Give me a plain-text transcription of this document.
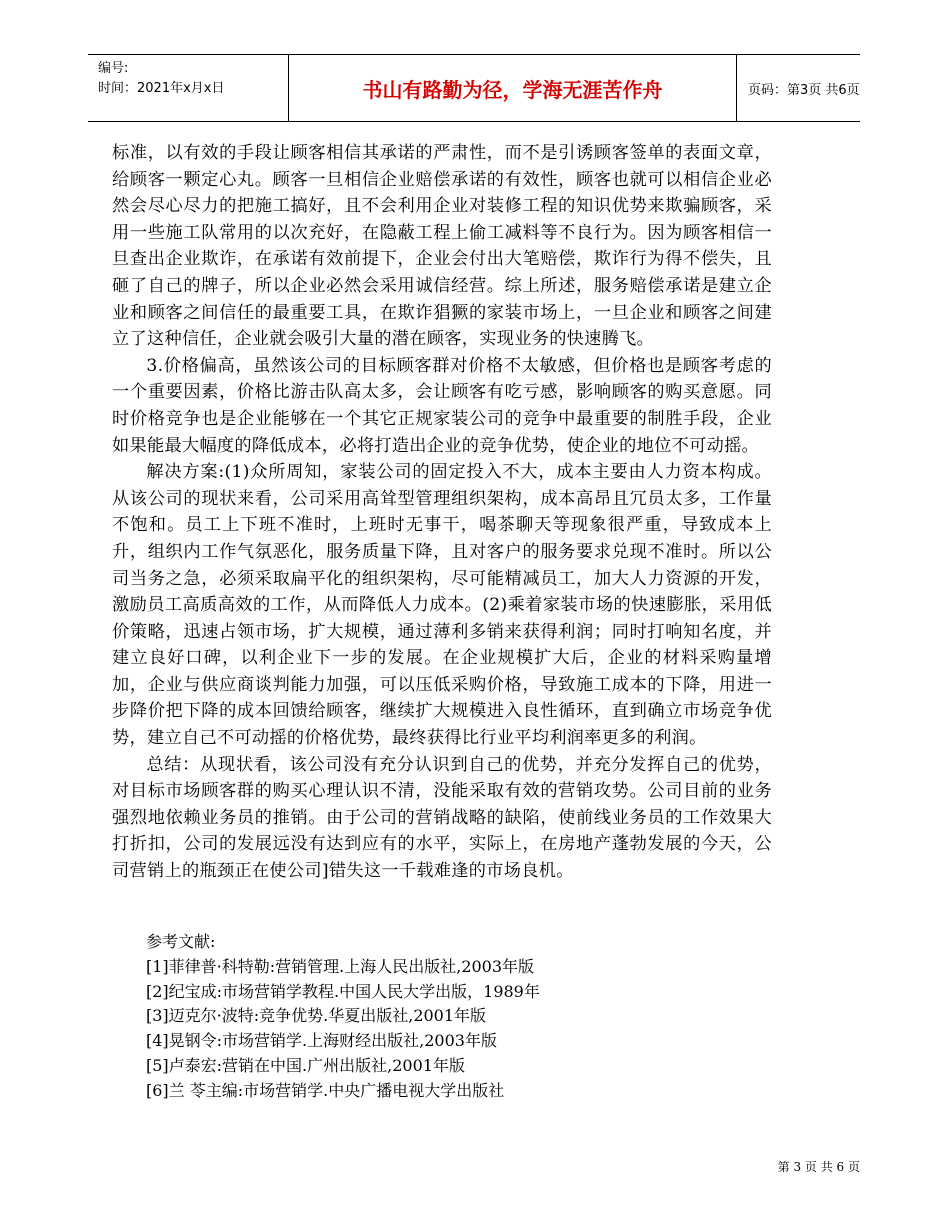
编号:
时间：2021年x月x日	书山有路勤为径，学海无涯苦作舟	页码：第3页 共6页

标准，以有效的手段让顾客相信其承诺的严肃性，而不是引诱顾客签单的表面文章，给顾客一颗定心丸。顾客一旦相信企业赔偿承诺的有效性，顾客也就可以相信企业必然会尽心尽力的把施工搞好，且不会利用企业对装修工程的知识优势来欺骗顾客，采用一些施工队常用的以次充好，在隐蔽工程上偷工减料等不良行为。因为顾客相信一旦查出企业欺诈，在承诺有效前提下，企业会付出大笔赔偿，欺诈行为得不偿失，且砸了自己的牌子，所以企业必然会采用诚信经营。综上所述，服务赔偿承诺是建立企业和顾客之间信任的最重要工具，在欺诈猖獗的家装市场上，一旦企业和顾客之间建立了这种信任，企业就会吸引大量的潜在顾客，实现业务的快速腾飞。

3.价格偏高，虽然该公司的目标顾客群对价格不太敏感，但价格也是顾客考虑的一个重要因素，价格比游击队高太多，会让顾客有吃亏感，影响顾客的购买意愿。同时价格竞争也是企业能够在一个其它正规家装公司的竞争中最重要的制胜手段，企业如果能最大幅度的降低成本，必将打造出企业的竞争优势，使企业的地位不可动摇。

解决方案:(1)众所周知，家装公司的固定投入不大，成本主要由人力资本构成。从该公司的现状来看，公司采用高耸型管理组织架构，成本高昂且冗员太多，工作量不饱和。员工上下班不准时，上班时无事干，喝茶聊天等现象很严重，导致成本上升，组织内工作气氛恶化，服务质量下降，且对客户的服务要求兑现不准时。所以公司当务之急，必须采取扁平化的组织架构，尽可能精减员工，加大人力资源的开发，激励员工高质高效的工作，从而降低人力成本。(2)乘着家装市场的快速膨胀，采用低价策略，迅速占领市场，扩大规模，通过薄利多销来获得利润；同时打响知名度，并建立良好口碑，以利企业下一步的发展。在企业规模扩大后，企业的材料采购量增加，企业与供应商谈判能力加强，可以压低采购价格，导致施工成本的下降，用进一步降价把下降的成本回馈给顾客，继续扩大规模进入良性循环，直到确立市场竞争优势，建立自己不可动摇的价格优势，最终获得比行业平均利润率更多的利润。

总结：从现状看，该公司没有充分认识到自己的优势，并充分发挥自己的优势，对目标市场顾客群的购买心理认识不清，没能采取有效的营销攻势。公司目前的业务强烈地依赖业务员的推销。由于公司的营销战略的缺陷，使前线业务员的工作效果大打折扣，公司的发展远没有达到应有的水平，实际上，在房地产蓬勃发展的今天，公司营销上的瓶颈正在使公司]错失这一千载难逢的市场良机。

参考文献:
[1]菲律普·科特勒:营销管理.上海人民出版社,2003年版
[2]纪宝成:市场营销学教程.中国人民大学出版，1989年
[3]迈克尔·波特:竞争优势.华夏出版社,2001年版
[4]晃钢令:市场营销学.上海财经出版社,2003年版
[5]卢泰宏:营销在中国.广州出版社,2001年版
[6]兰 苓主编:市场营销学.中央广播电视大学出版社
第 3 页 共 6 页
